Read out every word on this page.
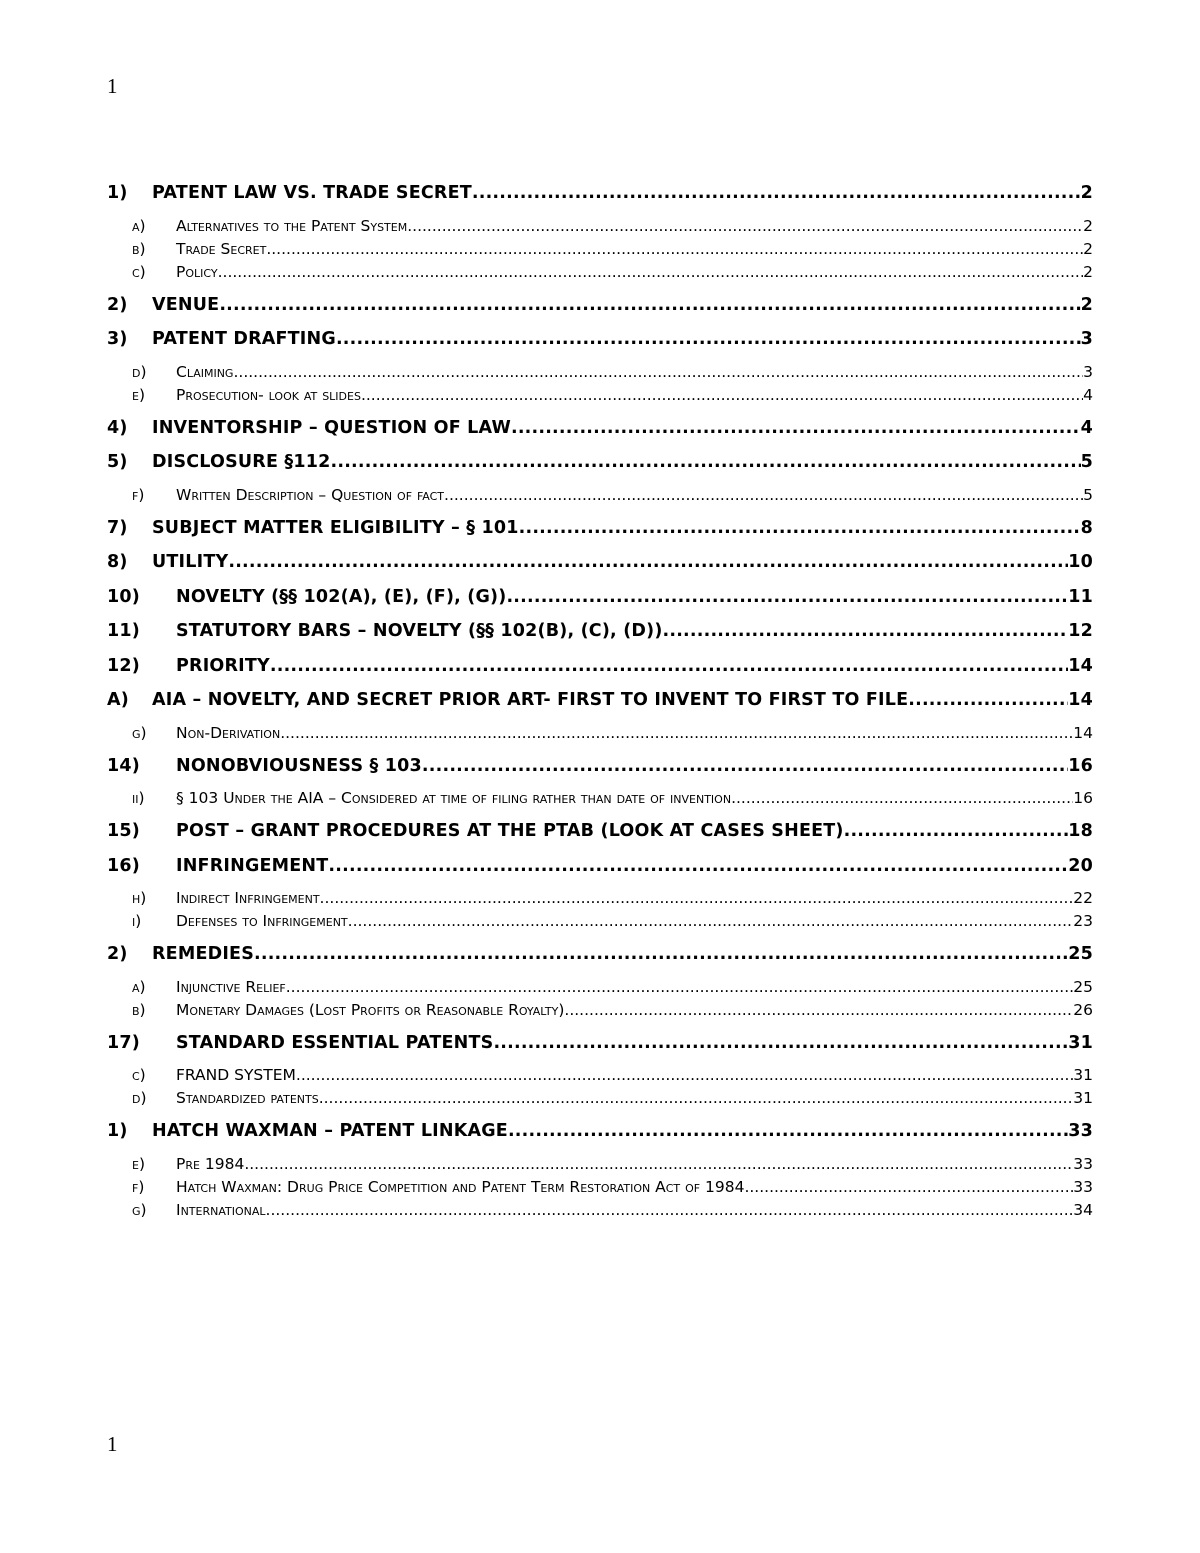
1
1)	PATENT LAW VS. TRADE SECRET .....	2
a)	Alternatives to the Patent System .....	2
b)	Trade Secret .....	2
c)	Policy .....	2
2)	VENUE .....	2
3)	PATENT DRAFTING .....	3
d)	Claiming .....	3
e)	Prosecution- look at slides .....	4
4)	INVENTORSHIP – QUESTION OF LAW .....	4
5)	DISCLOSURE §112 .....	5
f)	Written Description – Question of fact .....	5
7)	SUBJECT MATTER ELIGIBILITY – § 101 .....	8
8)	UTILITY .....	10
10)	NOVELTY (§§ 102(A), (E), (F), (G)) .....	11
11)	STATUTORY BARS – NOVELTY (§§ 102(B), (C), (D)) .....	12
12)	PRIORITY .....	14
A)	AIA – NOVELTY, AND SECRET PRIOR ART- FIRST TO INVENT TO FIRST TO FILE .....	14
g)	Non-Derivation .....	14
14)	NONOBVIOUSNESS § 103 .....	16
ii)	§ 103 Under the AIA – Considered at time of filing rather than date of invention .....	16
15)	POST – GRANT PROCEDURES AT THE PTAB (LOOK AT CASES SHEET) .....	18
16)	INFRINGEMENT .....	20
h)	Indirect Infringement .....	22
i)	Defenses to Infringement .....	23
2)	REMEDIES .....	25
a)	Injunctive Relief .....	25
b)	Monetary Damages (Lost Profits or Reasonable Royalty) .....	26
17)	STANDARD ESSENTIAL PATENTS .....	31
c)	FRAND SYSTEM .....	31
d)	Standardized patents .....	31
1)	HATCH WAXMAN – PATENT LINKAGE .....	33
e)	Pre 1984 .....	33
f)	Hatch Waxman: Drug Price Competition and Patent Term Restoration Act of 1984 .....	33
g)	International .....	34
1
